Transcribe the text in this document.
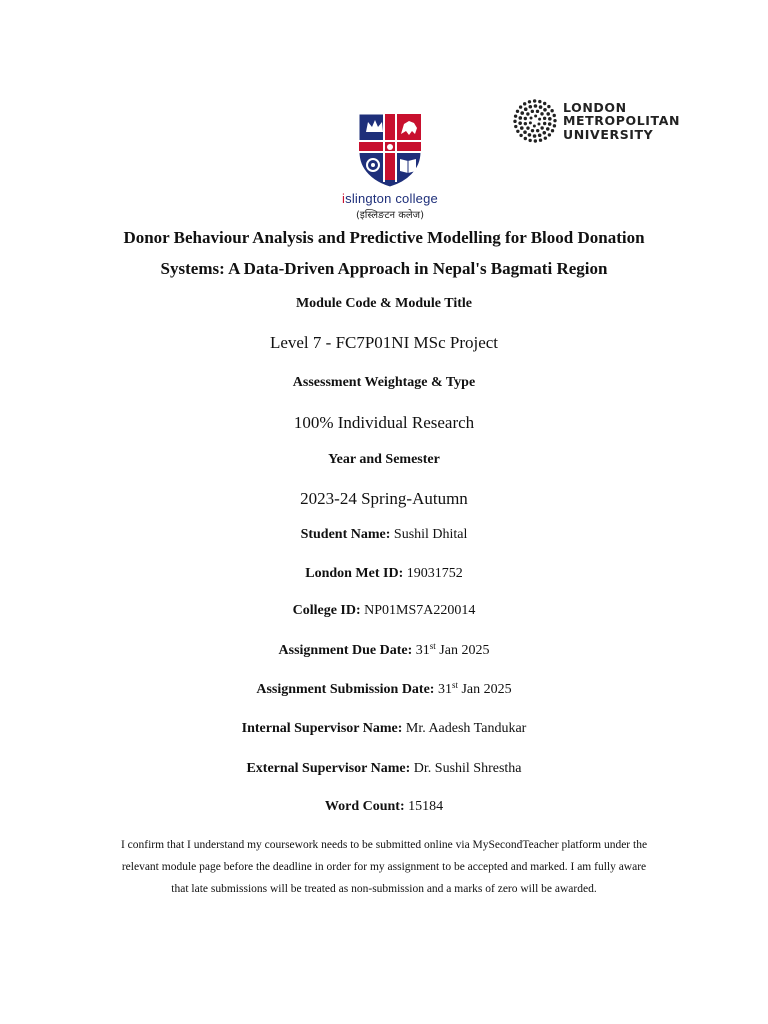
islington college
(इस्लिङटन कलेज)
LONDON
METROPOLITAN
UNIVERSITY
Donor Behaviour Analysis and Predictive Modelling for Blood Donation
Systems: A Data-Driven Approach in Nepal's Bagmati Region
Module Code & Module Title
Level 7 - FC7P01NI MSc Project
Assessment Weightage & Type
100% Individual Research
Year and Semester
2023-24 Spring-Autumn
Student Name: Sushil Dhital
London Met ID: 19031752
College ID: NP01MS7A220014
Assignment Due Date: 31st Jan 2025
Assignment Submission Date: 31st Jan 2025
Internal Supervisor Name: Mr. Aadesh Tandukar
External Supervisor Name: Dr. Sushil Shrestha
Word Count: 15184
I confirm that I understand my coursework needs to be submitted online via MySecondTeacher platform under the
relevant module page before the deadline in order for my assignment to be accepted and marked. I am fully aware
that late submissions will be treated as non-submission and a marks of zero will be awarded.
